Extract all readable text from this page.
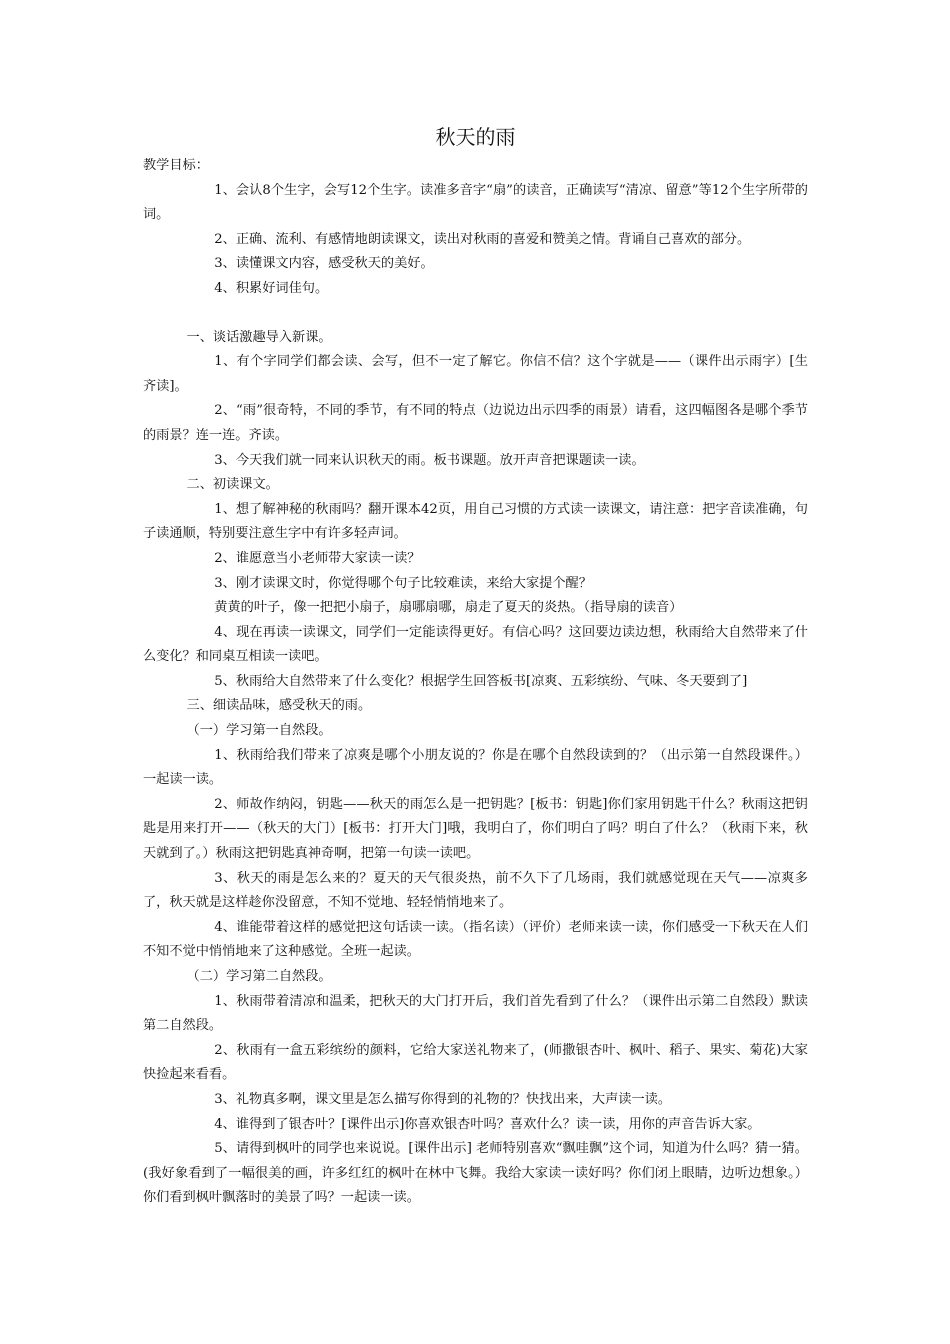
秋天的雨

教学目标：

1、会认8个生字，会写12个生字。读准多音字“扇”的读音，正确读写“清凉、留意”等12个生字所带的词。

2、正确、流利、有感情地朗读课文，读出对秋雨的喜爱和赞美之情。背诵自己喜欢的部分。

3、读懂课文内容，感受秋天的美好。

4、积累好词佳句。

一、谈话激趣导入新课。

1、有个字同学们都会读、会写，但不一定了解它。你信不信？这个字就是——（课件出示雨字）[生齐读]。

2、“雨”很奇特，不同的季节，有不同的特点（边说边出示四季的雨景）请看，这四幅图各是哪个季节的雨景？连一连。齐读。

3、今天我们就一同来认识秋天的雨。板书课题。放开声音把课题读一读。

二、初读课文。

1、想了解神秘的秋雨吗？翻开课本42页，用自己习惯的方式读一读课文，请注意：把字音读准确，句子读通顺，特别要注意生字中有许多轻声词。

2、谁愿意当小老师带大家读一读？

3、刚才读课文时，你觉得哪个句子比较难读，来给大家提个醒？

黄黄的叶子，像一把把小扇子，扇哪扇哪，扇走了夏天的炎热。（指导扇的读音）

4、现在再读一读课文，同学们一定能读得更好。有信心吗？这回要边读边想，秋雨给大自然带来了什么变化？和同桌互相读一读吧。

5、秋雨给大自然带来了什么变化？根据学生回答板书[凉爽、五彩缤纷、气味、冬天要到了]

三、细读品味，感受秋天的雨。

（一）学习第一自然段。

1、秋雨给我们带来了凉爽是哪个小朋友说的？你是在哪个自然段读到的？（出示第一自然段课件。）一起读一读。

2、师故作纳闷，钥匙——秋天的雨怎么是一把钥匙？[板书：钥匙]你们家用钥匙干什么？秋雨这把钥匙是用来打开——（秋天的大门）[板书：打开大门]哦，我明白了，你们明白了吗？明白了什么？（秋雨下来，秋天就到了。）秋雨这把钥匙真神奇啊，把第一句读一读吧。

3、秋天的雨是怎么来的？夏天的天气很炎热，前不久下了几场雨，我们就感觉现在天气——凉爽多了，秋天就是这样趁你没留意，不知不觉地、轻轻悄悄地来了。

4、谁能带着这样的感觉把这句话读一读。（指名读）（评价）老师来读一读，你们感受一下秋天在人们不知不觉中悄悄地来了这种感觉。全班一起读。

（二）学习第二自然段。

1、秋雨带着清凉和温柔，把秋天的大门打开后，我们首先看到了什么？（课件出示第二自然段）默读第二自然段。

2、秋雨有一盒五彩缤纷的颜料，它给大家送礼物来了，(师撒银杏叶、枫叶、稻子、果实、菊花)大家快捡起来看看。

3、礼物真多啊，课文里是怎么描写你得到的礼物的？快找出来，大声读一读。

4、谁得到了银杏叶？[课件出示]你喜欢银杏叶吗？喜欢什么？读一读，用你的声音告诉大家。

5、请得到枫叶的同学也来说说。[课件出示] 老师特别喜欢“飘哇飘”这个词，知道为什么吗？猜一猜。(我好象看到了一幅很美的画，许多红红的枫叶在林中飞舞。我给大家读一读好吗？你们闭上眼睛，边听边想象。）你们看到枫叶飘落时的美景了吗？一起读一读。
